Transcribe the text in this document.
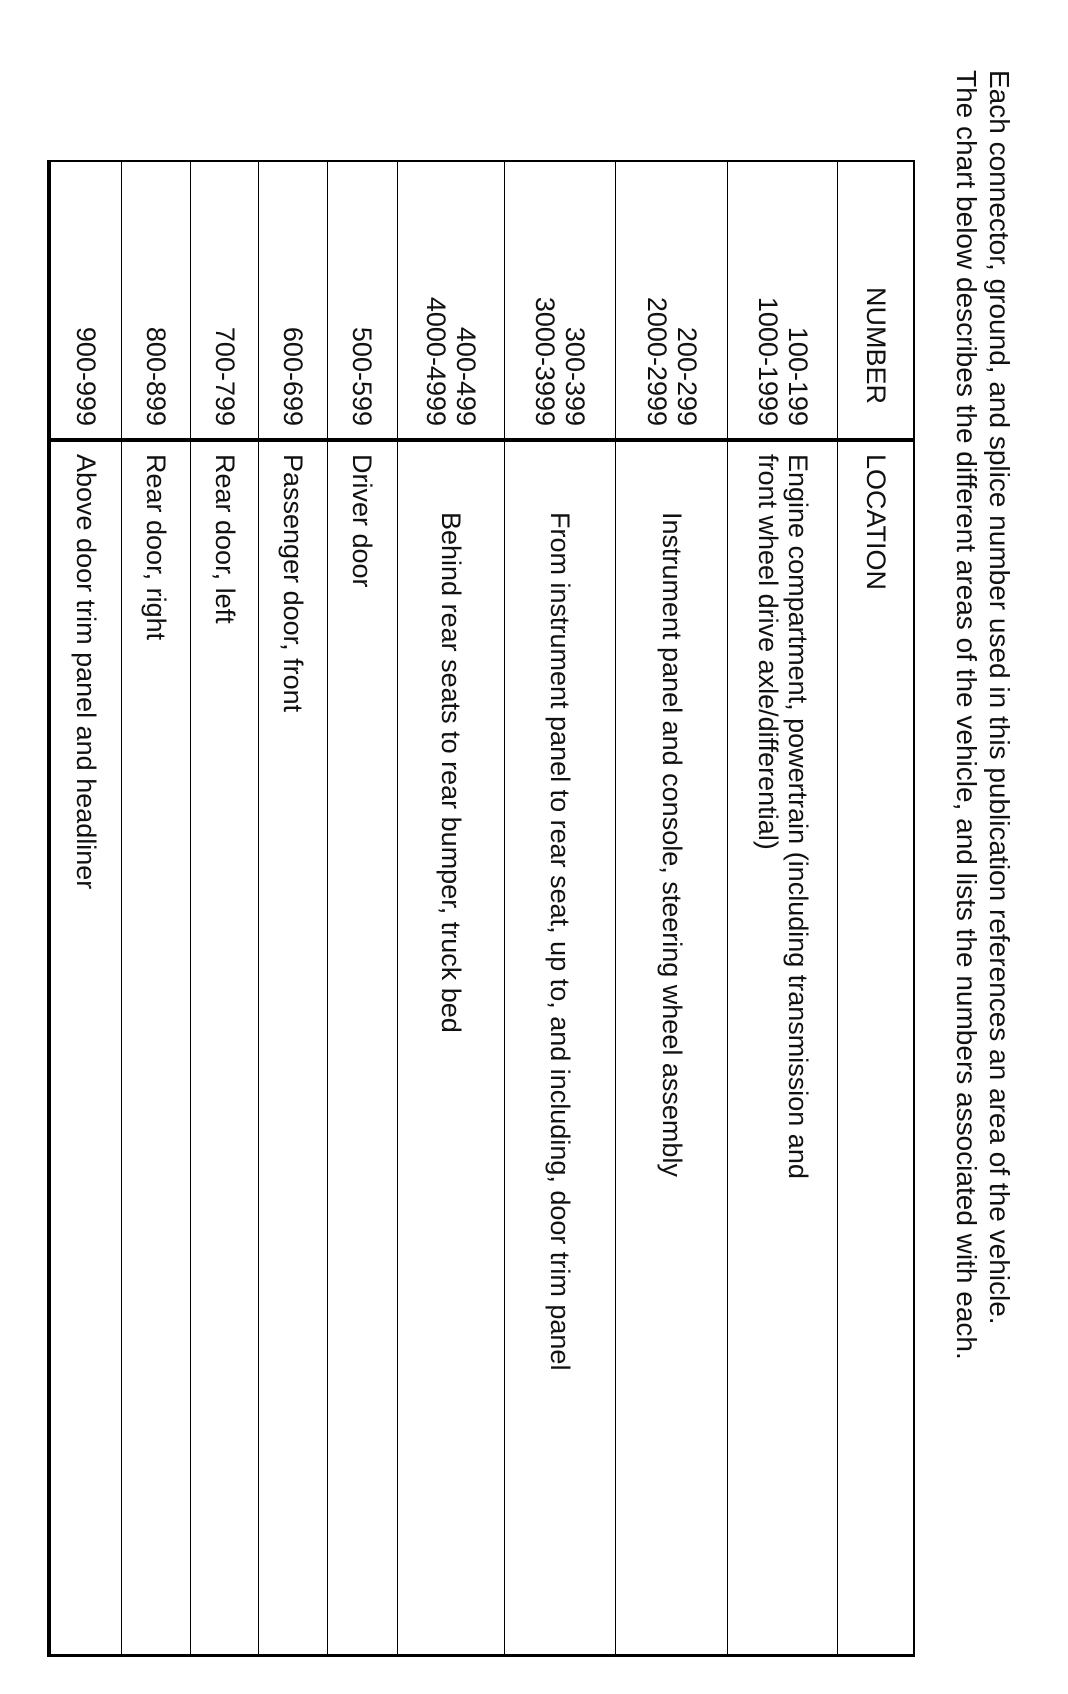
Each connector, ground, and splice number used in this publication references an area of the vehicle.

The chart below describes the different areas of the vehicle, and lists the numbers associated with each.

NUMBER	LOCATION

100-199
1000-1999	Engine compartment, powertrain (including transmission and
front wheel drive axle/differential)

200-299
2000-2999	Instrument panel and console, steering wheel assembly

300-399
3000-3999	From instrument panel to rear seat, up to, and including, door trim panel

400-499
4000-4999	Behind rear seats to rear bumper, truck bed

500-599	Driver door

600-699	Passenger door, front

700-799	Rear door, left

800-899	Rear door, right

900-999	Above door trim panel and headliner
